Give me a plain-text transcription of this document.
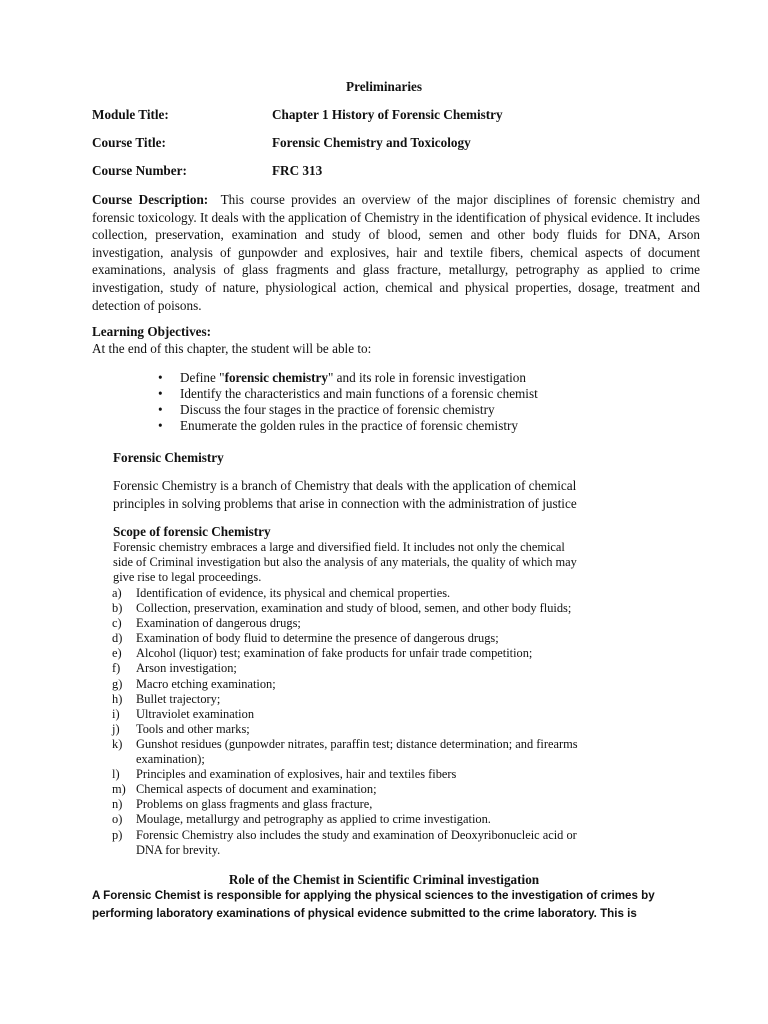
Preliminaries
Module Title:	Chapter 1 History of Forensic Chemistry
Course Title:	Forensic Chemistry and Toxicology
Course Number:	FRC 313
Course Description: This course provides an overview of the major disciplines of forensic chemistry and forensic toxicology. It deals with the application of Chemistry in the identification of physical evidence. It includes collection, preservation, examination and study of blood, semen and other body fluids for DNA, Arson investigation, analysis of gunpowder and explosives, hair and textile fibers, chemical aspects of document examinations, analysis of glass fragments and glass fracture, metallurgy, petrography as applied to crime investigation, study of nature, physiological action, chemical and physical properties, dosage, treatment and detection of poisons.
Learning Objectives:
At the end of this chapter, the student will be able to:
• Define "forensic chemistry" and its role in forensic investigation
• Identify the characteristics and main functions of a forensic chemist
• Discuss the four stages in the practice of forensic chemistry
• Enumerate the golden rules in the practice of forensic chemistry
Forensic Chemistry
Forensic Chemistry is a branch of Chemistry that deals with the application of chemical
principles in solving problems that arise in connection with the administration of justice
Scope of forensic Chemistry
Forensic chemistry embraces a large and diversified field. It includes not only the chemical
side of Criminal investigation but also the analysis of any materials, the quality of which may
give rise to legal proceedings.
a) Identification of evidence, its physical and chemical properties.
b) Collection, preservation, examination and study of blood, semen, and other body fluids;
c) Examination of dangerous drugs;
d) Examination of body fluid to determine the presence of dangerous drugs;
e) Alcohol (liquor) test; examination of fake products for unfair trade competition;
f) Arson investigation;
g) Macro etching examination;
h) Bullet trajectory;
i) Ultraviolet examination
j) Tools and other marks;
k) Gunshot residues (gunpowder nitrates, paraffin test; distance determination; and firearms
examination);
l) Principles and examination of explosives, hair and textiles fibers
m) Chemical aspects of document and examination;
n) Problems on glass fragments and glass fracture,
o) Moulage, metallurgy and petrography as applied to crime investigation.
p) Forensic Chemistry also includes the study and examination of Deoxyribonucleic acid or
DNA for brevity.
Role of the Chemist in Scientific Criminal investigation
A Forensic Chemist is responsible for applying the physical sciences to the investigation of crimes by
performing laboratory examinations of physical evidence submitted to the crime laboratory. This is
